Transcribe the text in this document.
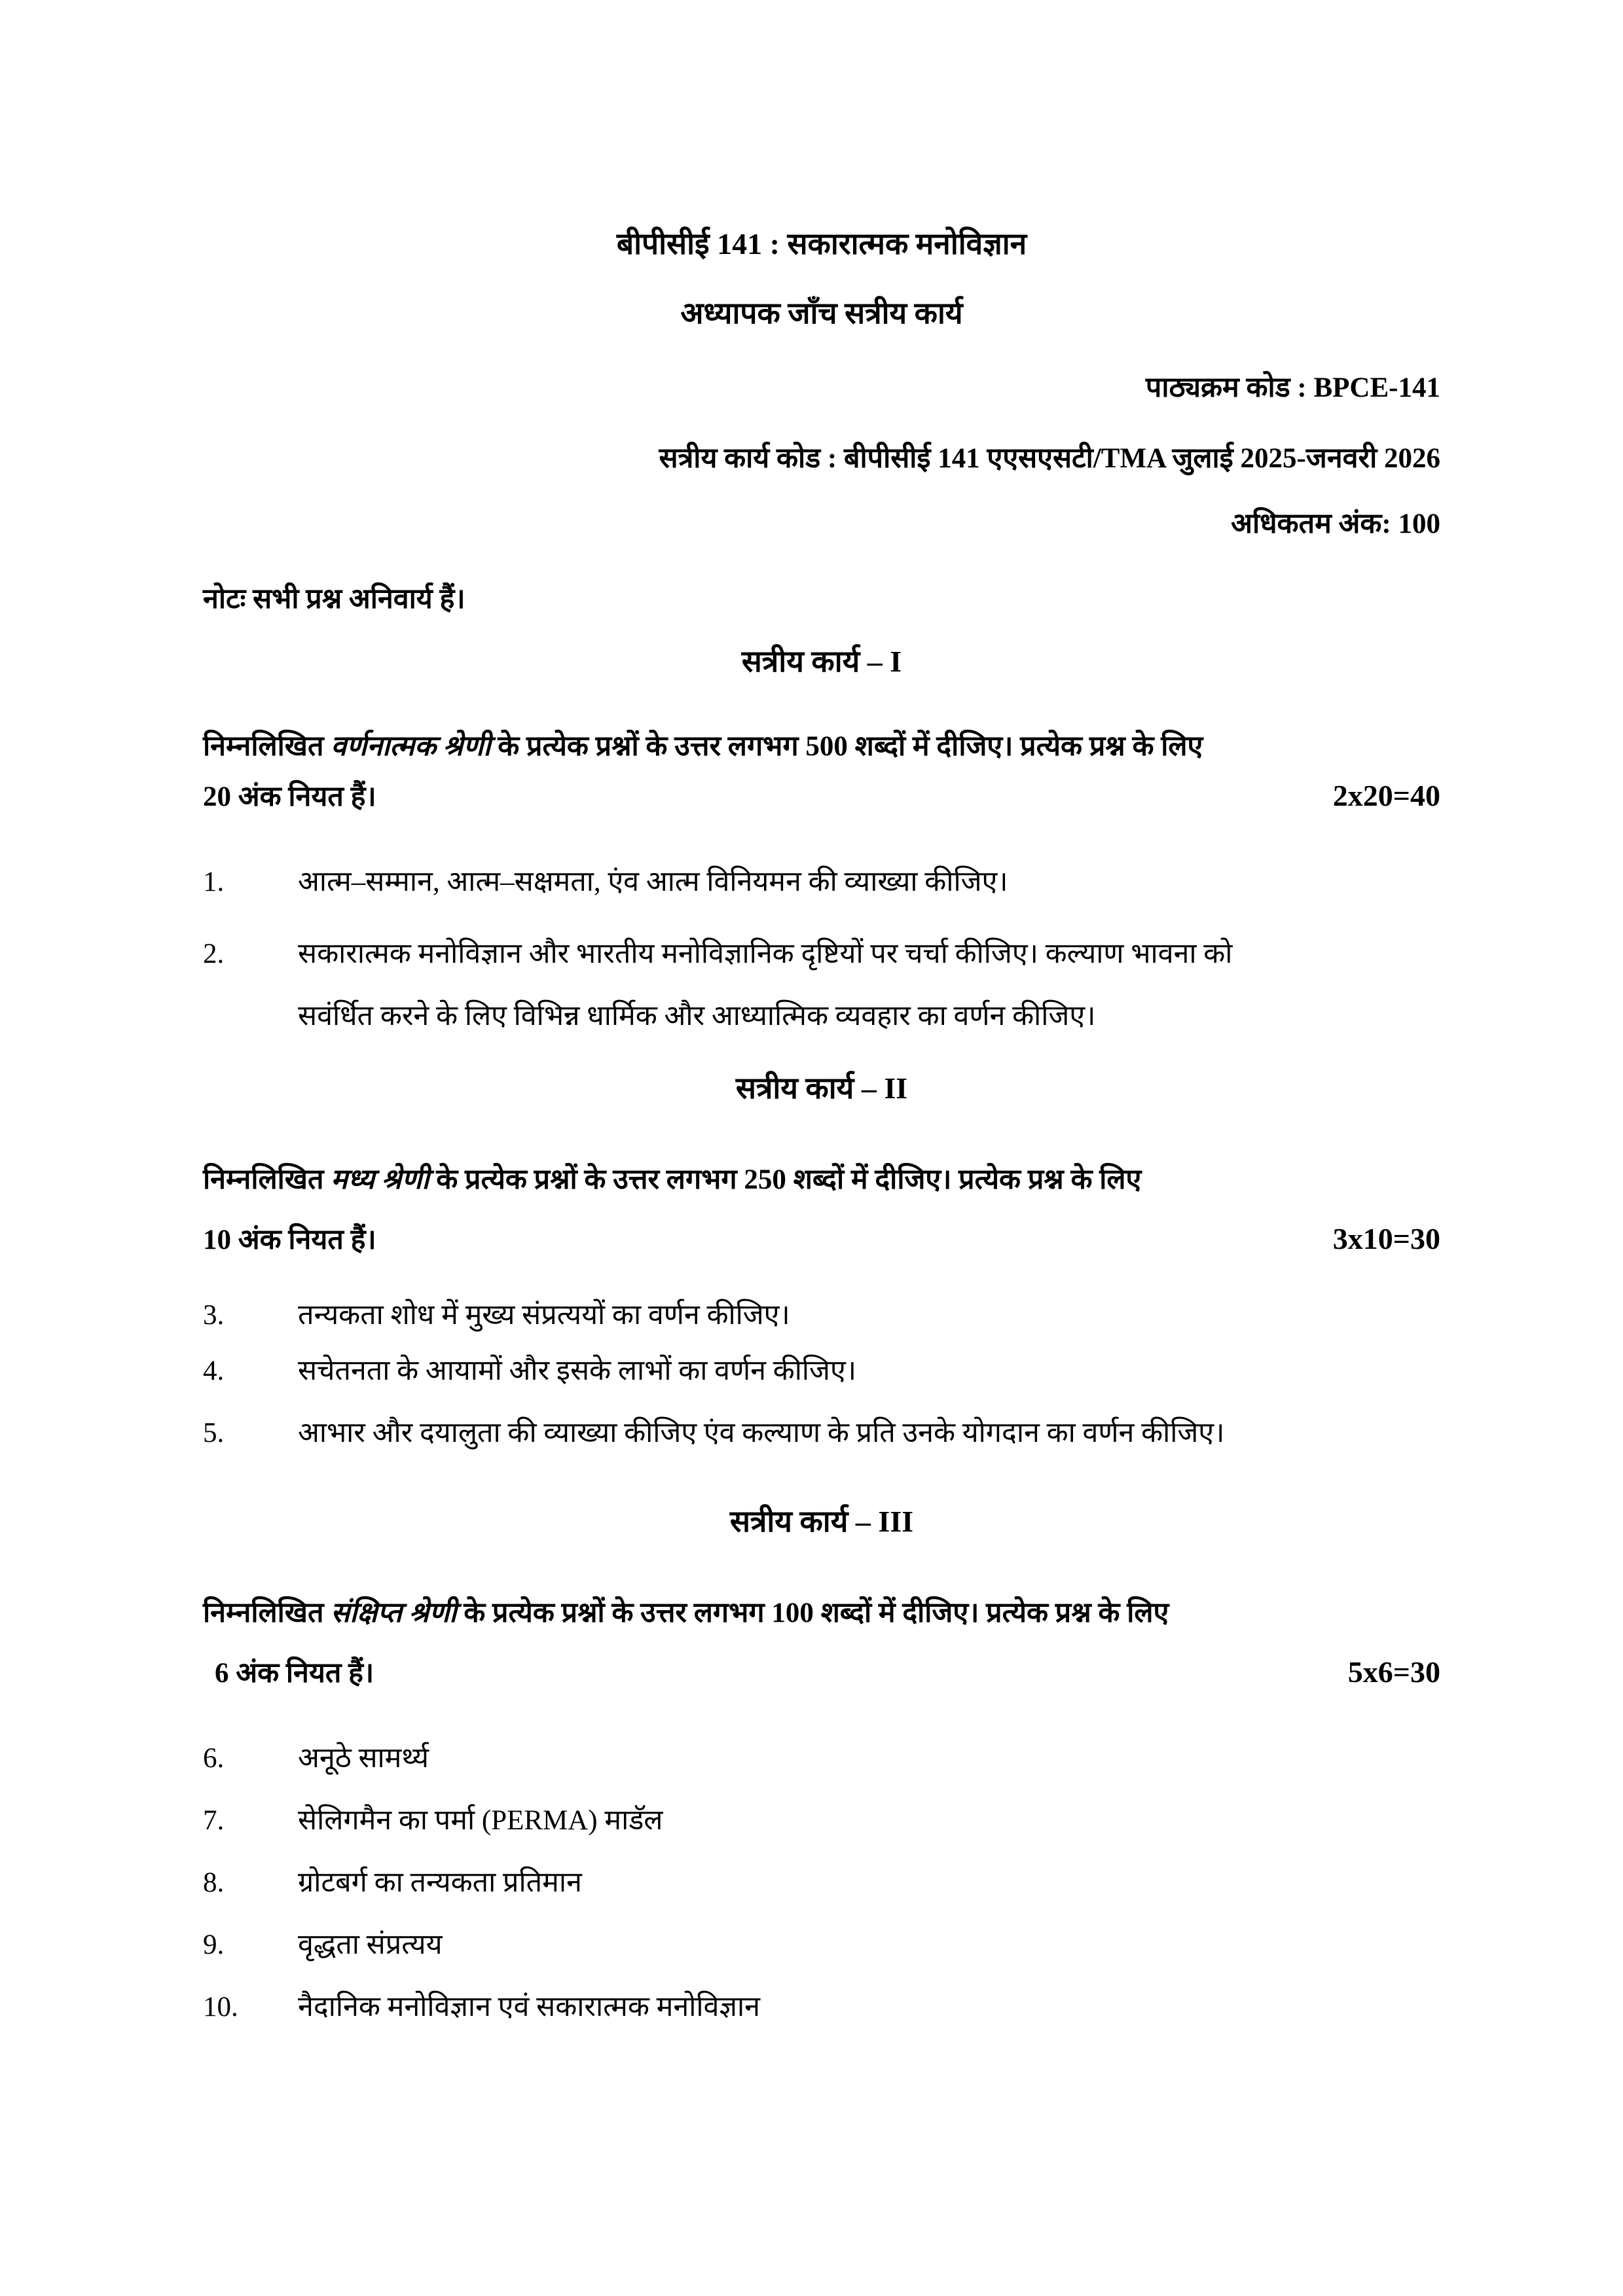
बीपीसीई 141 : सकारात्मक मनोविज्ञान
अध्यापक जाँच सत्रीय कार्य
पाठ्यक्रम कोड : BPCE-141
सत्रीय कार्य कोड : बीपीसीई 141 एएसएसटी/TMA जुलाई 2025-जनवरी 2026
अधिकतम अंक: 100
नोटः सभी प्रश्न अनिवार्य हैं।
सत्रीय कार्य – I
निम्नलिखित वर्णनात्मक श्रेणी के प्रत्येक प्रश्नों के उत्तर लगभग 500 शब्दों में दीजिए। प्रत्येक प्रश्न के लिए
20 अंक नियत हैं।	2x20=40
1.	आत्म–सम्मान, आत्म–सक्षमता, एंव आत्म विनियमन की व्याख्या कीजिए।
2.	सकारात्मक मनोविज्ञान और भारतीय मनोविज्ञानिक दृष्टियों पर चर्चा कीजिए। कल्याण भावना को
सवंर्धित करने के लिए विभिन्न धार्मिक और आध्यात्मिक व्यवहार का वर्णन कीजिए।
सत्रीय कार्य – II
निम्नलिखित मध्य श्रेणी के प्रत्येक प्रश्नों के उत्तर लगभग 250 शब्दों में दीजिए। प्रत्येक प्रश्न के लिए
10 अंक नियत हैं।	3x10=30
3.	तन्यकता शोध में मुख्य संप्रत्ययों का वर्णन कीजिए।
4.	सचेतनता के आयामों और इसके लाभों का वर्णन कीजिए।
5.	आभार और दयालुता की व्याख्या कीजिए एंव कल्याण के प्रति उनके योगदान का वर्णन कीजिए।
सत्रीय कार्य – III
निम्नलिखित संक्षिप्त श्रेणी के प्रत्येक प्रश्नों के उत्तर लगभग 100 शब्दों में दीजिए। प्रत्येक प्रश्न के लिए
6 अंक नियत हैं।	5x6=30
6.	अनूठे सामर्थ्य
7.	सेलिगमैन का पर्मा (PERMA) माडॅल
8.	ग्रोटबर्ग का तन्यकता प्रतिमान
9.	वृद्धता संप्रत्यय
10.	नैदानिक मनोविज्ञान एवं सकारात्मक मनोविज्ञान
